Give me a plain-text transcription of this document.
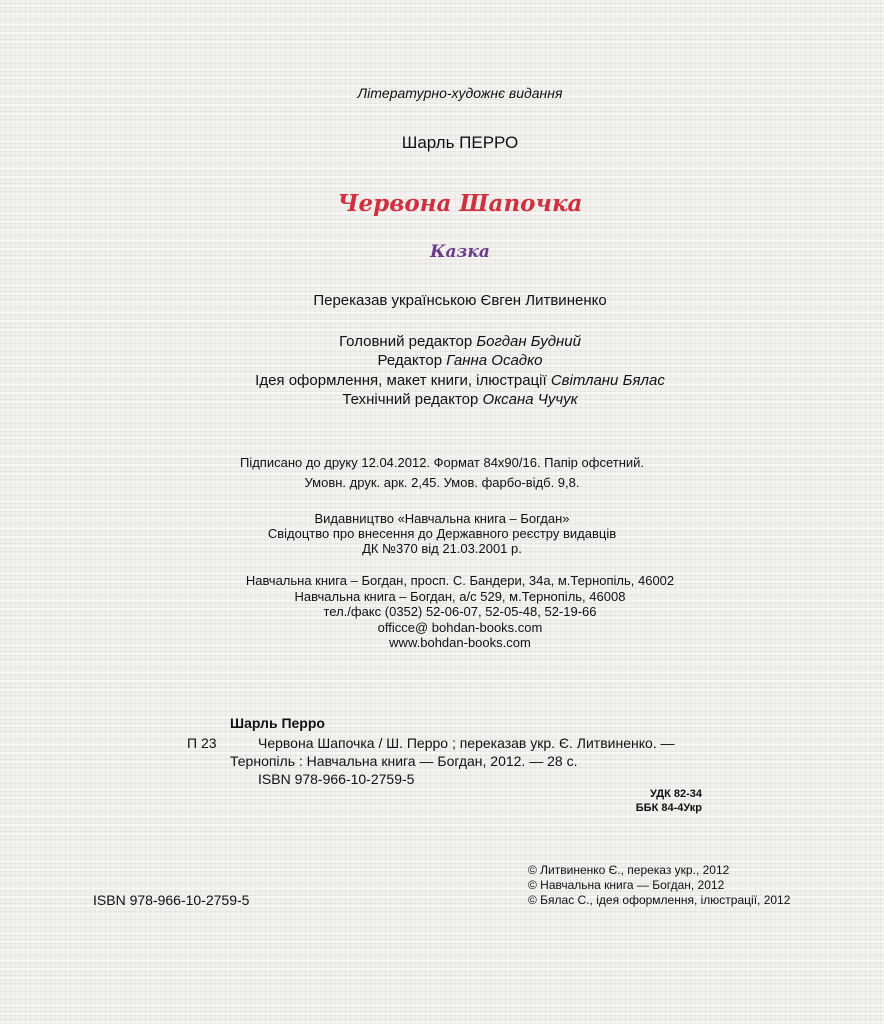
Літературно-художнє видання
Шарль ПЕРРО
Червона Шапочка
Казка
Переказав українською Євген Литвиненко
Головний редактор Богдан Будний
Редактор Ганна Осадко
Ідея оформлення, макет книги, ілюстрації Світлани Бялас
Технічний редактор Оксана Чучук
Підписано до друку 12.04.2012. Формат 84х90/16. Папір офсетний.
Умовн. друк. арк. 2,45. Умов. фарбо-відб. 9,8.
Видавництво «Навчальна книга – Богдан»
Свідоцтво про внесення до Державного реєстру видавців
ДК №370 від 21.03.2001 р.
Навчальна книга – Богдан, просп. С. Бандери, 34а, м.Тернопіль, 46002
Навчальна книга – Богдан, а/с 529, м.Тернопіль, 46008
тел./факс (0352) 52-06-07, 52-05-48, 52-19-66
officce@ bohdan-books.com
www.bohdan-books.com
Шарль Перро
П 23	Червона Шапочка / Ш. Перро ; переказав укр. Є. Литвиненко. —
Тернопіль : Навчальна книга — Богдан, 2012. — 28 с.
ISBN 978-966-10-2759-5
УДК 82-34
ББК 84-4Укр
ISBN 978-966-10-2759-5
© Литвиненко Є., переказ укр., 2012
© Навчальна книга — Богдан, 2012
© Бялас С., ідея оформлення, ілюстрації, 2012
